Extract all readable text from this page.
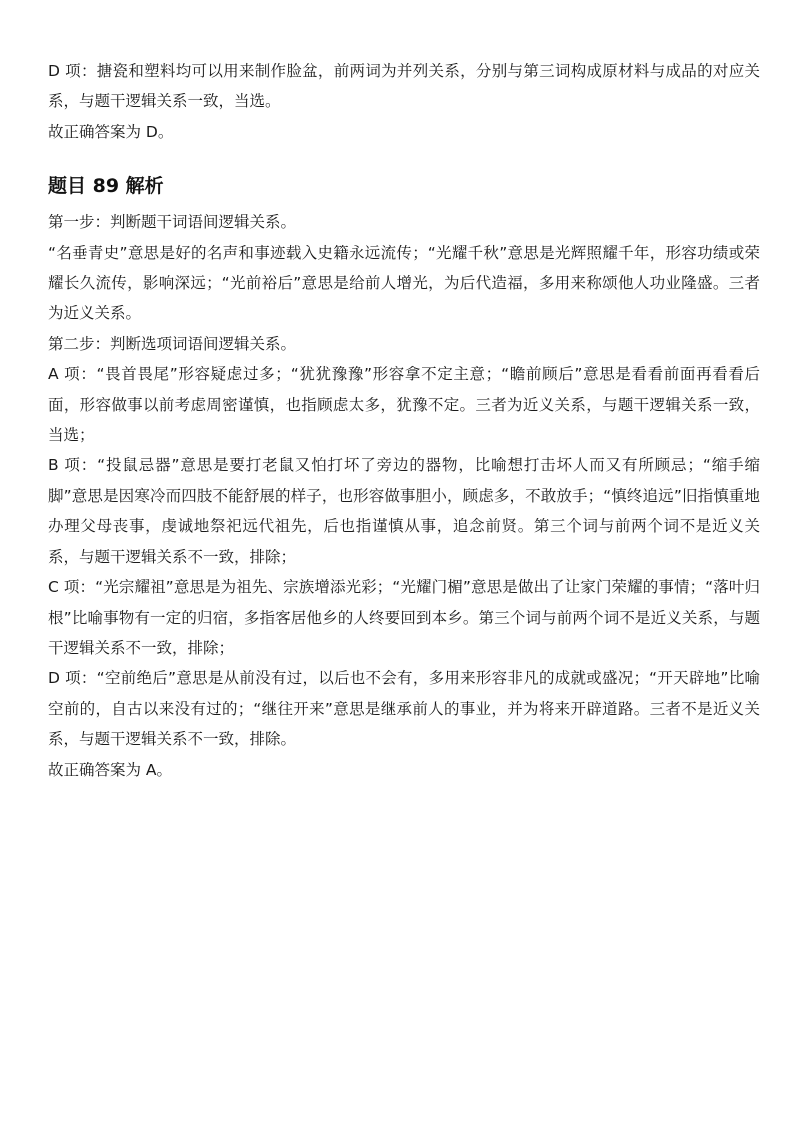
D 项：搪瓷和塑料均可以用来制作脸盆，前两词为并列关系，分别与第三词构成原材料与成品的对应关系，与题干逻辑关系一致，当选。

故正确答案为 D。

题目 89 解析

第一步：判断题干词语间逻辑关系。

“名垂青史”意思是好的名声和事迹载入史籍永远流传；“光耀千秋”意思是光辉照耀千年，形容功绩或荣耀长久流传，影响深远；“光前裕后”意思是给前人增光，为后代造福，多用来称颂他人功业隆盛。三者为近义关系。

第二步：判断选项词语间逻辑关系。

A 项：“畏首畏尾”形容疑虑过多；“犹犹豫豫”形容拿不定主意；“瞻前顾后”意思是看看前面再看看后面，形容做事以前考虑周密谨慎，也指顾虑太多，犹豫不定。三者为近义关系，与题干逻辑关系一致，当选；

B 项：“投鼠忌器”意思是要打老鼠又怕打坏了旁边的器物，比喻想打击坏人而又有所顾忌；“缩手缩脚”意思是因寒冷而四肢不能舒展的样子，也形容做事胆小，顾虑多，不敢放手；“慎终追远”旧指慎重地办理父母丧事，虔诚地祭祀远代祖先，后也指谨慎从事，追念前贤。第三个词与前两个词不是近义关系，与题干逻辑关系不一致，排除；

C 项：“光宗耀祖”意思是为祖先、宗族增添光彩；“光耀门楣”意思是做出了让家门荣耀的事情；“落叶归根”比喻事物有一定的归宿，多指客居他乡的人终要回到本乡。第三个词与前两个词不是近义关系，与题干逻辑关系不一致，排除；

D 项：“空前绝后”意思是从前没有过，以后也不会有，多用来形容非凡的成就或盛况；“开天辟地”比喻空前的，自古以来没有过的；“继往开来”意思是继承前人的事业，并为将来开辟道路。三者不是近义关系，与题干逻辑关系不一致，排除。

故正确答案为 A。
